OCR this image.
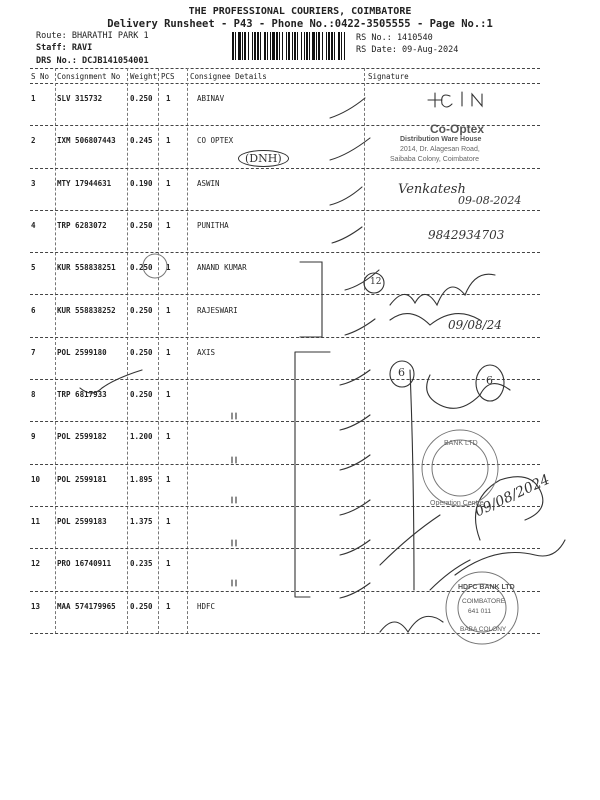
THE PROFESSIONAL COURIERS, COIMBATORE
Delivery Runsheet - P43 - Phone No.:0422-3505555 - Page No.:1
Route: BHARATHI PARK 1
Staff: RAVI
DRS No.: DCJB141054001
RS No.: 1410540
RS Date: 09-Aug-2024
S No Consignment No Weight PCS Consignee Details	Signature
1	SLV 315732	0.250 1	ABINAV
2	IXM 506807443 0.245 1	CO OPTEX
3	MTY 17944631	0.190 1	ASWIN
4	TRP 6283072	0.250 1	PUNITHA
5	KUR 558838251 0.250 1	ANAND KUMAR
6	KUR 558838252 0.250 1	RAJESWARI
7	POL 2599180	0.250 1	AXIS
8	TRP 6817933	0.250 1
9	POL 2599182	1.200 1
10 POL 2599181	1.895 1
11 POL 2599183	1.375 1
12 PRO 16740911	0.235 1
13 MAA 574179965 0.250 1	HDFC
(DNH)
Venkatesh
09-08-2024
9842934703
09/08/24
09/08/2024
12
6
6
Co-Optex
Distribution Ware House
2014, Dr. Alagesan Road,
Saibaba Colony, Coimbatore
BANK LTD
Operation Centre
HDFC BANK LTD
COIMBATORE
641 011
BABA COLONY
